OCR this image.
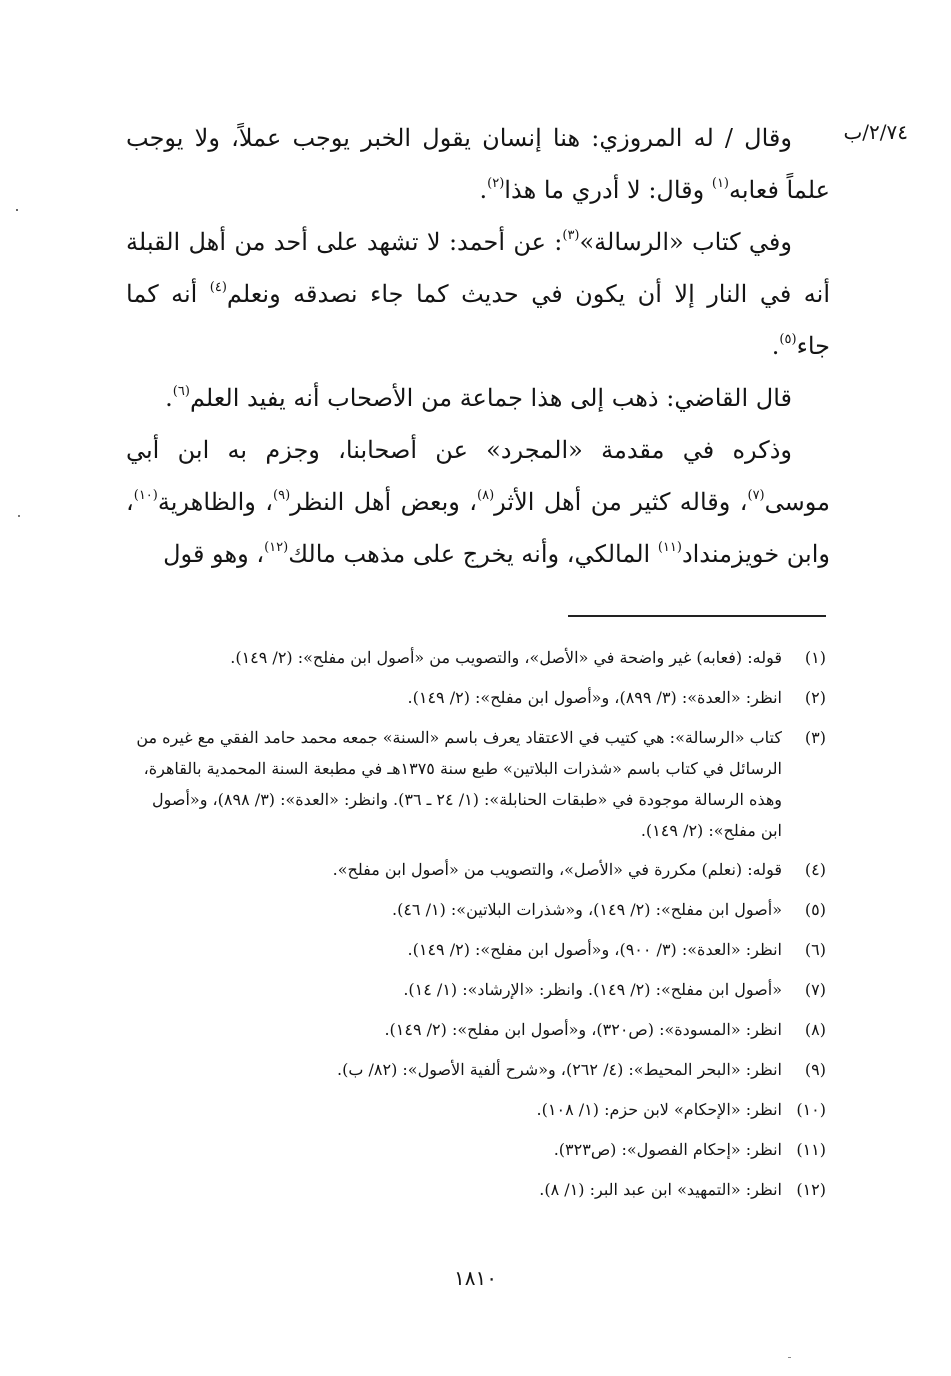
٢/٧٤/ب

وقال / له المروزي: هنا إنسان يقول الخبر يوجب عملاً، ولا يوجب علماً فعابه$^{(١)}$ وقال: لا أدري ما هذا$^{(٢)}$.

وفي كتاب «الرسالة»$^{(٣)}$: عن أحمد: لا تشهد على أحد من أهل القبلة أنه في النار إلا أن يكون في حديث كما جاء نصدقه ونعلم$^{(٤)}$ أنه كما جاء$^{(٥)}$.

قال القاضي: ذهب إلى هذا جماعة من الأصحاب أنه يفيد العلم$^{(٦)}$.

وذكره في مقدمة «المجرد» عن أصحابنا، وجزم به ابن أبي موسى$^{(٧)}$، وقاله كثير من أهل الأثر$^{(٨)}$، وبعض أهل النظر$^{(٩)}$، والظاهرية$^{(١٠)}$، وابن خويزمنداد$^{(١١)}$ المالكي، وأنه يخرج على مذهب مالك$^{(١٢)}$، وهو قول

(١)
قوله: (فعابه) غير واضحة في «الأصل»، والتصويب من «أصول ابن مفلح»: (٢/ ١٤٩).
(٢)
انظر: «العدة»: (٣/ ٨٩٩)، و«أصول ابن مفلح»: (٢/ ١٤٩).
(٣)
كتاب «الرسالة»: هي كتيب في الاعتقاد يعرف باسم «السنة» جمعه محمد حامد الفقي مع غيره من الرسائل في كتاب باسم «شذرات البلاتين» طبع سنة ١٣٧٥هـ في مطبعة السنة المحمدية بالقاهرة، وهذه الرسالة موجودة في «طبقات الحنابلة»: (١/ ٢٤ ـ ٣٦). وانظر: «العدة»: (٣/ ٨٩٨)، و«أصول ابن مفلح»: (٢/ ١٤٩).
(٤)
قوله: (نعلم) مكررة في «الأصل»، والتصويب من «أصول ابن مفلح».
(٥)
«أصول ابن مفلح»: (٢/ ١٤٩)، و«شذرات البلاتين»: (١/ ٤٦).
(٦)
انظر: «العدة»: (٣/ ٩٠٠)، و«أصول ابن مفلح»: (٢/ ١٤٩).
(٧)
«أصول ابن مفلح»: (٢/ ١٤٩). وانظر: «الإرشاد»: (١/ ١٤).
(٨)
انظر: «المسودة»: (ص٣٢٠)، و«أصول ابن مفلح»: (٢/ ١٤٩).
(٩)
انظر: «البحر المحيط»: (٤/ ٢٦٢)، و«شرح ألفية الأصول»: (٨٢/ ب).
(١٠)
انظر: «الإحكام» لابن حزم: (١/ ١٠٨).
(١١)
انظر: «إحكام الفصول»: (ص٣٢٣).
(١٢)
انظر: «التمهيد» ابن عبد البر: (١/ ٨).
١٨١٠
